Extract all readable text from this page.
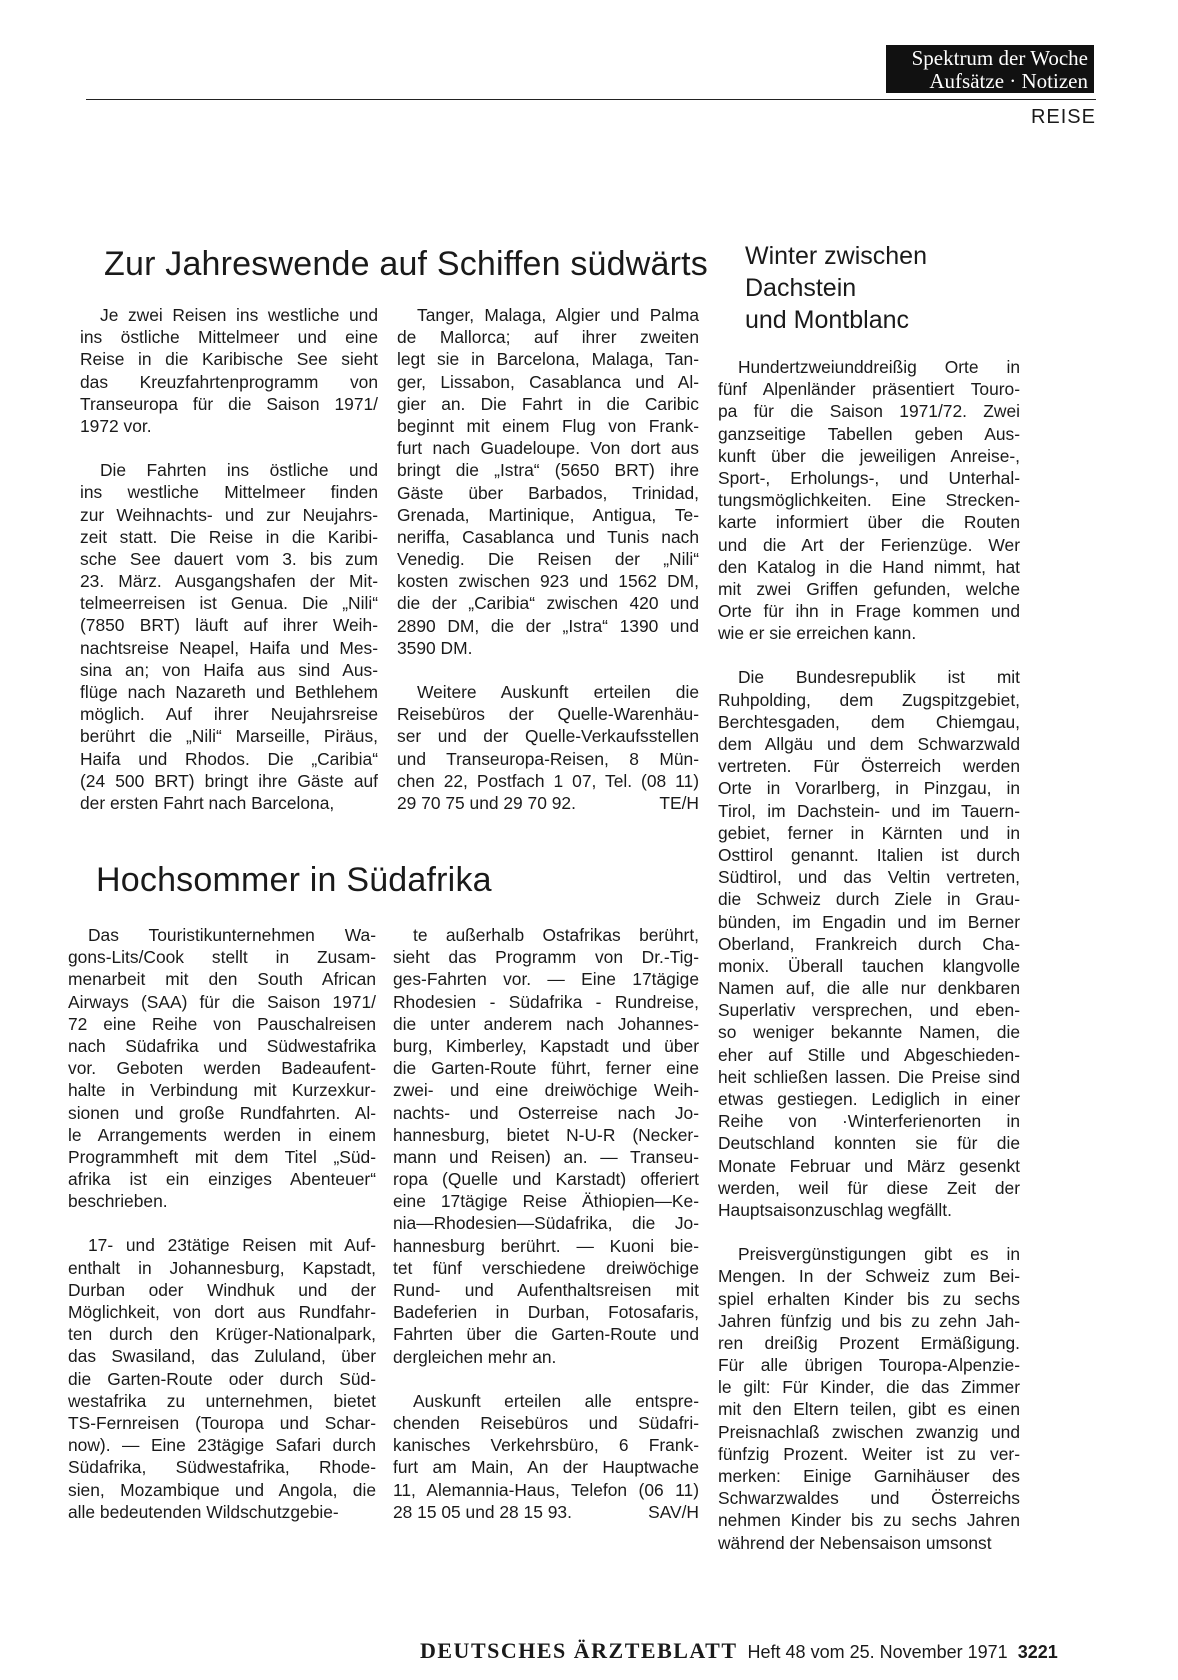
Spektrum der Woche
Aufsätze · Notizen
REISE
Zur Jahreswende auf Schiffen südwärts

Je zwei Reisen ins westliche und
ins östliche Mittelmeer und eine
Reise in die Karibische See sieht
das Kreuzfahrtenprogramm von
Transeuropa für die Saison 1971/
1972 vor.

Die Fahrten ins östliche und
ins westliche Mittelmeer finden
zur Weihnachts- und zur Neujahrs-
zeit statt. Die Reise in die Karibi-
sche See dauert vom 3. bis zum
23. März. Ausgangshafen der Mit-
telmeerreisen ist Genua. Die „Nili“
(7850 BRT) läuft auf ihrer Weih-
nachtsreise Neapel, Haifa und Mes-
sina an; von Haifa aus sind Aus-
flüge nach Nazareth und Bethlehem
möglich. Auf ihrer Neujahrsreise
berührt die „Nili“ Marseille, Piräus,
Haifa und Rhodos. Die „Caribia“
(24 500 BRT) bringt ihre Gäste auf
der ersten Fahrt nach Barcelona,

Tanger, Malaga, Algier und Palma
de Mallorca; auf ihrer zweiten
legt sie in Barcelona, Malaga, Tan-
ger, Lissabon, Casablanca und Al-
gier an. Die Fahrt in die Caribic
beginnt mit einem Flug von Frank-
furt nach Guadeloupe. Von dort aus
bringt die „Istra“ (5650 BRT) ihre
Gäste über Barbados, Trinidad,
Grenada, Martinique, Antigua, Te-
neriffa, Casablanca und Tunis nach
Venedig. Die Reisen der „Nili“
kosten zwischen 923 und 1562 DM,
die der „Caribia“ zwischen 420 und
2890 DM, die der „Istra“ 1390 und
3590 DM.

Weitere Auskunft erteilen die
Reisebüros der Quelle-Warenhäu-
ser und der Quelle-Verkaufsstellen
und Transeuropa-Reisen, 8 Mün-
chen 22, Postfach 1 07, Tel. (08 11)
29 70 75 und 29 70 92.	TE/H

Hochsommer in Südafrika

Das Touristikunternehmen Wa-
gons-Lits/Cook stellt in Zusam-
menarbeit mit den South African
Airways (SAA) für die Saison 1971/
72 eine Reihe von Pauschalreisen
nach Südafrika und Südwestafrika
vor. Geboten werden Badeaufent-
halte in Verbindung mit Kurzexkur-
sionen und große Rundfahrten. Al-
le Arrangements werden in einem
Programmheft mit dem Titel „Süd-
afrika ist ein einziges Abenteuer“
beschrieben.

17- und 23tätige Reisen mit Auf-
enthalt in Johannesburg, Kapstadt,
Durban oder Windhuk und der
Möglichkeit, von dort aus Rundfahr-
ten durch den Krüger-Nationalpark,
das Swasiland, das Zululand, über
die Garten-Route oder durch Süd-
westafrika zu unternehmen, bietet
TS-Fernreisen (Touropa und Schar-
now). — Eine 23tägige Safari durch
Südafrika, Südwestafrika, Rhode-
sien, Mozambique und Angola, die
alle bedeutenden Wildschutzgebie-

te außerhalb Ostafrikas berührt,
sieht das Programm von Dr.-Tig-
ges-Fahrten vor. — Eine 17tägige
Rhodesien - Südafrika - Rundreise,
die unter anderem nach Johannes-
burg, Kimberley, Kapstadt und über
die Garten-Route führt, ferner eine
zwei- und eine dreiwöchige Weih-
nachts- und Osterreise nach Jo-
hannesburg, bietet N-U-R (Necker-
mann und Reisen) an. — Transeu-
ropa (Quelle und Karstadt) offeriert
eine 17tägige Reise Äthiopien—Ke-
nia—Rhodesien—Südafrika, die Jo-
hannesburg berührt. — Kuoni bie-
tet fünf verschiedene dreiwöchige
Rund- und Aufenthaltsreisen mit
Badeferien in Durban, Fotosafaris,
Fahrten über die Garten-Route und
dergleichen mehr an.

Auskunft erteilen alle entspre-
chenden Reisebüros und Südafri-
kanisches Verkehrsbüro, 6 Frank-
furt am Main, An der Hauptwache
11, Alemannia-Haus, Telefon (06 11)
28 15 05 und 28 15 93.	SAV/H

Winter zwischen
Dachstein
und Montblanc

Hundertzweiunddreißig Orte in
fünf Alpenländer präsentiert Touro-
pa für die Saison 1971/72. Zwei
ganzseitige Tabellen geben Aus-
kunft über die jeweiligen Anreise-,
Sport-, Erholungs-, und Unterhal-
tungsmöglichkeiten. Eine Strecken-
karte informiert über die Routen
und die Art der Ferienzüge. Wer
den Katalog in die Hand nimmt, hat
mit zwei Griffen gefunden, welche
Orte für ihn in Frage kommen und
wie er sie erreichen kann.

Die Bundesrepublik ist mit
Ruhpolding, dem Zugspitzgebiet,
Berchtesgaden, dem Chiemgau,
dem Allgäu und dem Schwarzwald
vertreten. Für Österreich werden
Orte in Vorarlberg, in Pinzgau, in
Tirol, im Dachstein- und im Tauern-
gebiet, ferner in Kärnten und in
Osttirol genannt. Italien ist durch
Südtirol, und das Veltin vertreten,
die Schweiz durch Ziele in Grau-
bünden, im Engadin und im Berner
Oberland, Frankreich durch Cha-
monix. Überall tauchen klangvolle
Namen auf, die alle nur denkbaren
Superlativ versprechen, und eben-
so weniger bekannte Namen, die
eher auf Stille und Abgeschieden-
heit schließen lassen. Die Preise sind
etwas gestiegen. Lediglich in einer
Reihe von ·Winterferienorten in
Deutschland konnten sie für die
Monate Februar und März gesenkt
werden, weil für diese Zeit der
Hauptsaisonzuschlag wegfällt.

Preisvergünstigungen gibt es in
Mengen. In der Schweiz zum Bei-
spiel erhalten Kinder bis zu sechs
Jahren fünfzig und bis zu zehn Jah-
ren dreißig Prozent Ermäßigung.
Für alle übrigen Touropa-Alpenzie-
le gilt: Für Kinder, die das Zimmer
mit den Eltern teilen, gibt es einen
Preisnachlaß zwischen zwanzig und
fünfzig Prozent. Weiter ist zu ver-
merken: Einige Garnihäuser des
Schwarzwaldes und Österreichs
nehmen Kinder bis zu sechs Jahren
während der Nebensaison umsonst

DEUTSCHES ÄRZTEBLATT Heft 48 vom 25. November 1971 3221
